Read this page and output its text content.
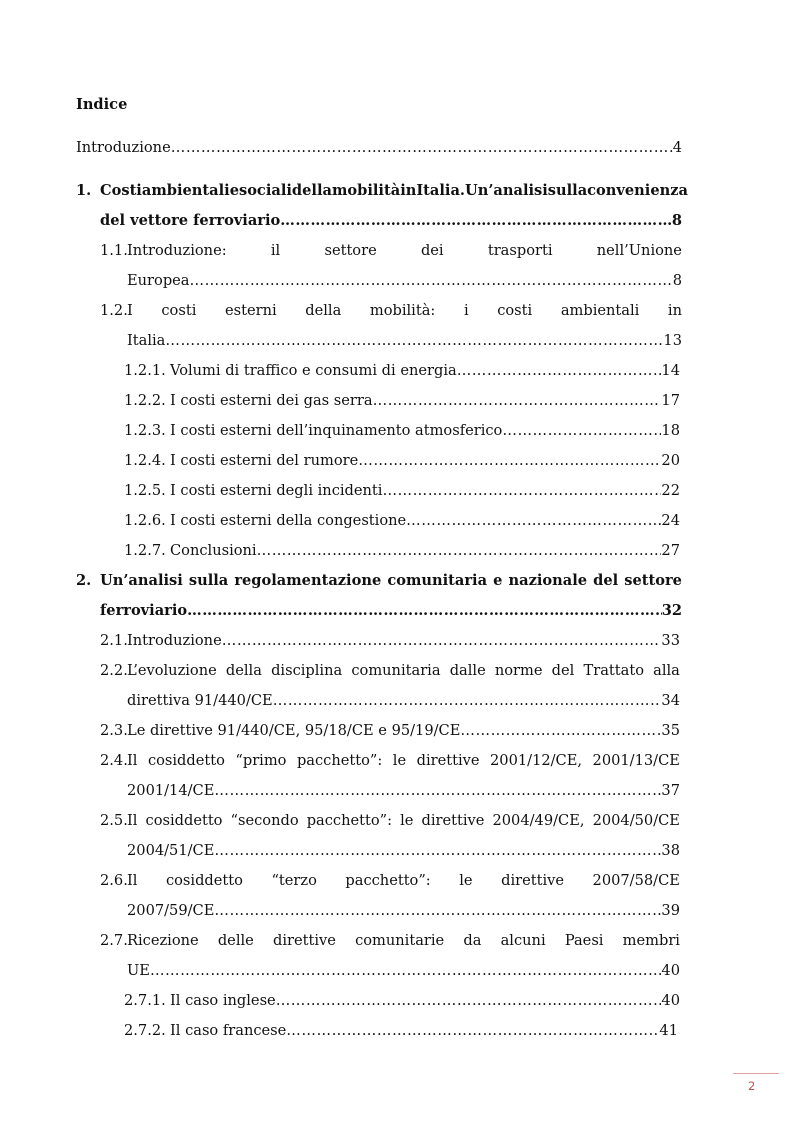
Indice
Introduzione ……………………………………………………………………………………………………………………………………………………………………………………………………………………	4
1. Costi ambientali e sociali della mobilità in Italia. Un’analisi sulla convenienza
del vettore ferroviario ……………………………………………………………………………………………………………………………………………………………………………………………………………………	8
1.1. Introduzione:	il	settore	dei	trasporti	nell’Unione
Europea ……………………………………………………………………………………………………………………………………………………………………………………………………………………	8
1.2. I costi esterni della mobilità: i costi ambientali in
Italia ……………………………………………………………………………………………………………………………………………………………………………………………………………………	13
1.2.1. Volumi di traffico e consumi di energia ……………………………………………………………………………………………………………………………………………………………………………………………………………………	14
1.2.2. I costi esterni dei gas serra ……………………………………………………………………………………………………………………………………………………………………………………………………………………	17
1.2.3. I costi esterni dell’inquinamento atmosferico ……………………………………………………………………………………………………………………………………………………………………………………………………………………	18
1.2.4. I costi esterni del rumore ……………………………………………………………………………………………………………………………………………………………………………………………………………………	20
1.2.5. I costi esterni degli incidenti ……………………………………………………………………………………………………………………………………………………………………………………………………………………	22
1.2.6. I costi esterni della congestione ……………………………………………………………………………………………………………………………………………………………………………………………………………………	24
1.2.7. Conclusioni ……………………………………………………………………………………………………………………………………………………………………………………………………………………	27
2. Un’analisi sulla regolamentazione comunitaria e nazionale del settore
ferroviario ……………………………………………………………………………………………………………………………………………………………………………………………………………………	32
2.1. Introduzione ……………………………………………………………………………………………………………………………………………………………………………………………………………………	33
2.2. L’evoluzione della disciplina comunitaria dalle norme del Trattato alla
direttiva 91/440/CE ……………………………………………………………………………………………………………………………………………………………………………………………………………………	34
2.3. Le direttive 91/440/CE, 95/18/CE e 95/19/CE ……………………………………………………………………………………………………………………………………………………………………………………………………………………	35
2.4. Il cosiddetto “primo pacchetto”: le direttive 2001/12/CE, 2001/13/CE
2001/14/CE ……………………………………………………………………………………………………………………………………………………………………………………………………………………	37
2.5. Il cosiddetto “secondo pacchetto”: le direttive 2004/49/CE, 2004/50/CE
2004/51/CE ……………………………………………………………………………………………………………………………………………………………………………………………………………………	38
2.6. Il cosiddetto “terzo pacchetto”: le direttive 2007/58/CE
2007/59/CE ……………………………………………………………………………………………………………………………………………………………………………………………………………………	39
2.7. Ricezione delle direttive comunitarie da alcuni Paesi membri
UE ……………………………………………………………………………………………………………………………………………………………………………………………………………………	40
2.7.1. Il caso inglese ……………………………………………………………………………………………………………………………………………………………………………………………………………………	40
2.7.2. Il caso francese ……………………………………………………………………………………………………………………………………………………………………………………………………………………	41
2
